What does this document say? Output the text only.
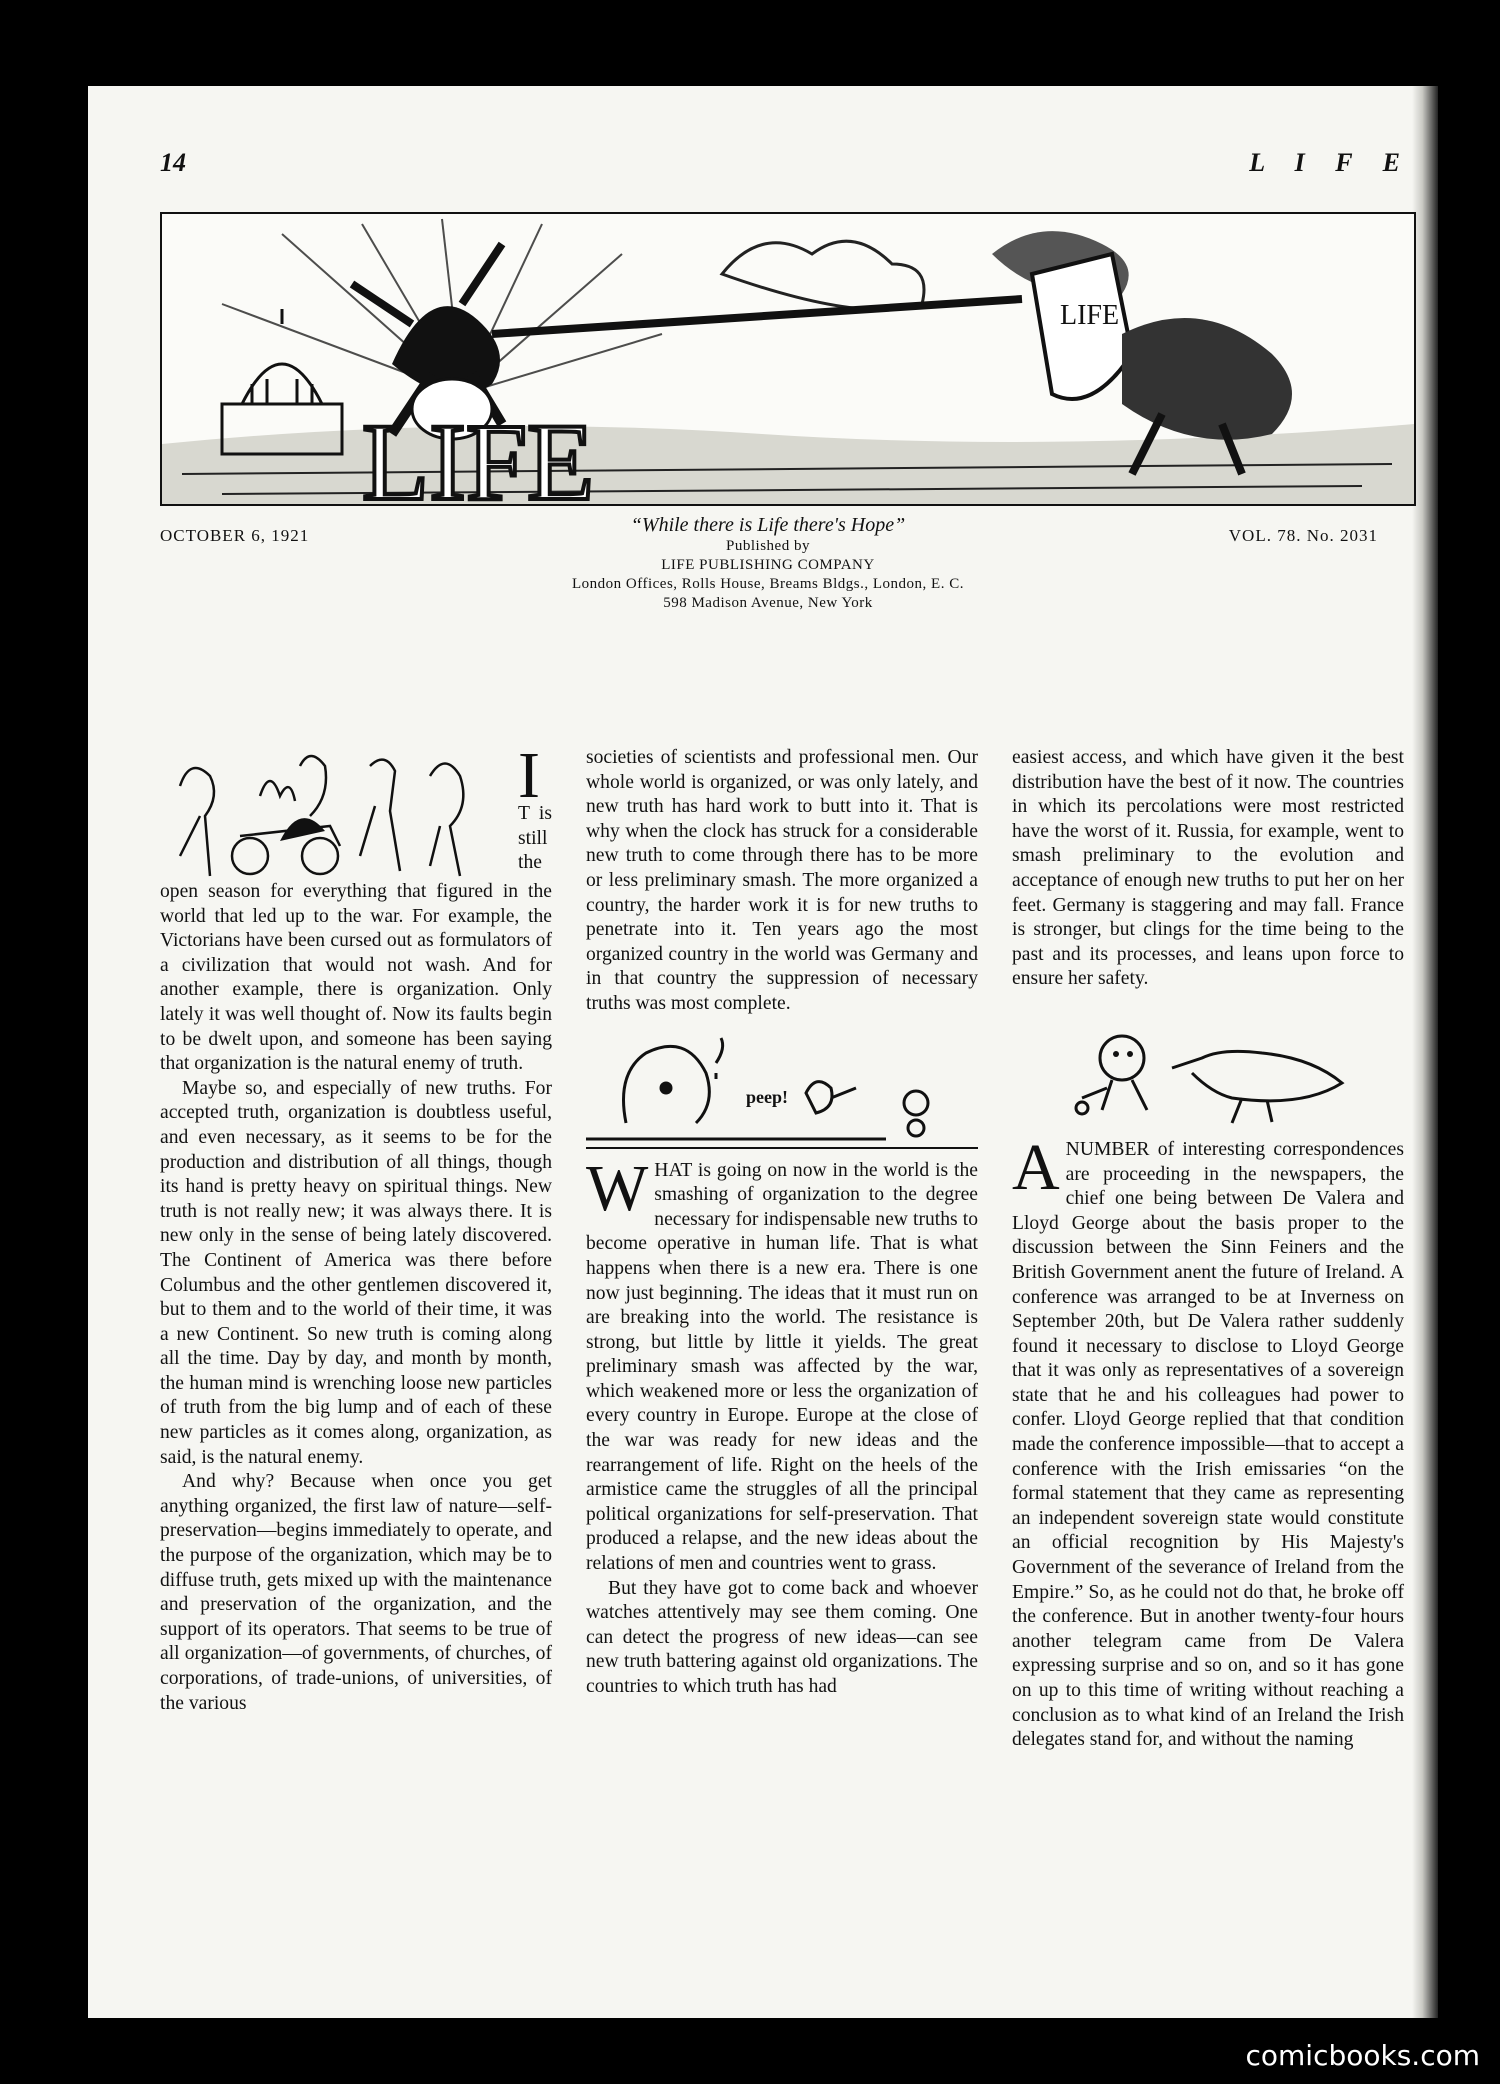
14	L I F E
LIFE
LIFE
OCTOBER 6, 1921	“While there is Life there's Hope”
Published by
LIFE PUBLISHING COMPANY
London Offices, Rolls House, Breams Bldgs., London, E. C.
598 Madison Avenue, New York
VOL. 78. No. 2031
I

T is still the open season for everything that figured in the world that led up to the war. For example, the Victorians have been cursed out as formulators of a civilization that would not wash. And for another example, there is organization. Only lately it was well thought of. Now its faults begin to be dwelt upon, and someone has been saying that organization is the natural enemy of truth.

Maybe so, and especially of new truths. For accepted truth, organization is doubtless useful, and even necessary, as it seems to be for the production and distribution of all things, though its hand is pretty heavy on spiritual things. New truth is not really new; it was always there. It is new only in the sense of being lately discovered. The Continent of America was there before Columbus and the other gentlemen discovered it, but to them and to the world of their time, it was a new Continent. So new truth is coming along all the time. Day by day, and month by month, the human mind is wrenching loose new particles of truth from the big lump and of each of these new particles as it comes along, organization, as said, is the natural enemy.

And why? Because when once you get anything organized, the first law of nature—self-preservation—begins immediately to operate, and the purpose of the organization, which may be to diffuse truth, gets mixed up with the maintenance and preservation of the organization, and the support of its operators. That seems to be true of all organization—of governments, of churches, of corporations, of trade-unions, of universities, of the various

societies of scientists and professional men. Our whole world is organized, or was only lately, and new truth has hard work to butt into it. That is why when the clock has struck for a considerable new truth to come through there has to be more or less preliminary smash. The more organized a country, the harder work it is for new truths to penetrate into it. Ten years ago the most organized country in the world was Germany and in that country the suppression of necessary truths was most complete.

peep!
W HAT is going on now in the world is the smashing of organization to the degree necessary for indispensable new truths to become operative in human life. That is what happens when there is a new era. There is one now just beginning. The ideas that it must run on are breaking into the world. The resistance is strong, but little by little it yields. The great preliminary smash was affected by the war, which weakened more or less the organization of every country in Europe. Europe at the close of the war was ready for new ideas and the rearrangement of life. Right on the heels of the armistice came the struggles of all the principal political organizations for self-preservation. That produced a relapse, and the new ideas about the relations of men and countries went to grass.

But they have got to come back and whoever watches attentively may see them coming. One can detect the progress of new ideas—can see new truth battering against old organizations. The countries to which truth has had

easiest access, and which have given it the best distribution have the best of it now. The countries in which its percolations were most restricted have the worst of it. Russia, for example, went to smash preliminary to the evolution and acceptance of enough new truths to put her on her feet. Germany is staggering and may fall. France is stronger, but clings for the time being to the past and its processes, and leans upon force to ensure her safety.

A NUMBER of interesting correspondences are proceeding in the newspapers, the chief one being between De Valera and Lloyd George about the basis proper to the discussion between the Sinn Feiners and the British Government anent the future of Ireland. A conference was arranged to be at Inverness on September 20th, but De Valera rather suddenly found it necessary to disclose to Lloyd George that it was only as representatives of a sovereign state that he and his colleagues had power to confer. Lloyd George replied that that condition made the conference impossible—that to accept a conference with the Irish emissaries “on the formal statement that they came as representing an independent sovereign state would constitute an official recognition by His Majesty's Government of the severance of Ireland from the Empire.” So, as he could not do that, he broke off the conference. But in another twenty-four hours another telegram came from De Valera expressing surprise and so on, and so it has gone on up to this time of writing without reaching a conclusion as to what kind of an Ireland the Irish delegates stand for, and without the naming

comicbooks.com
